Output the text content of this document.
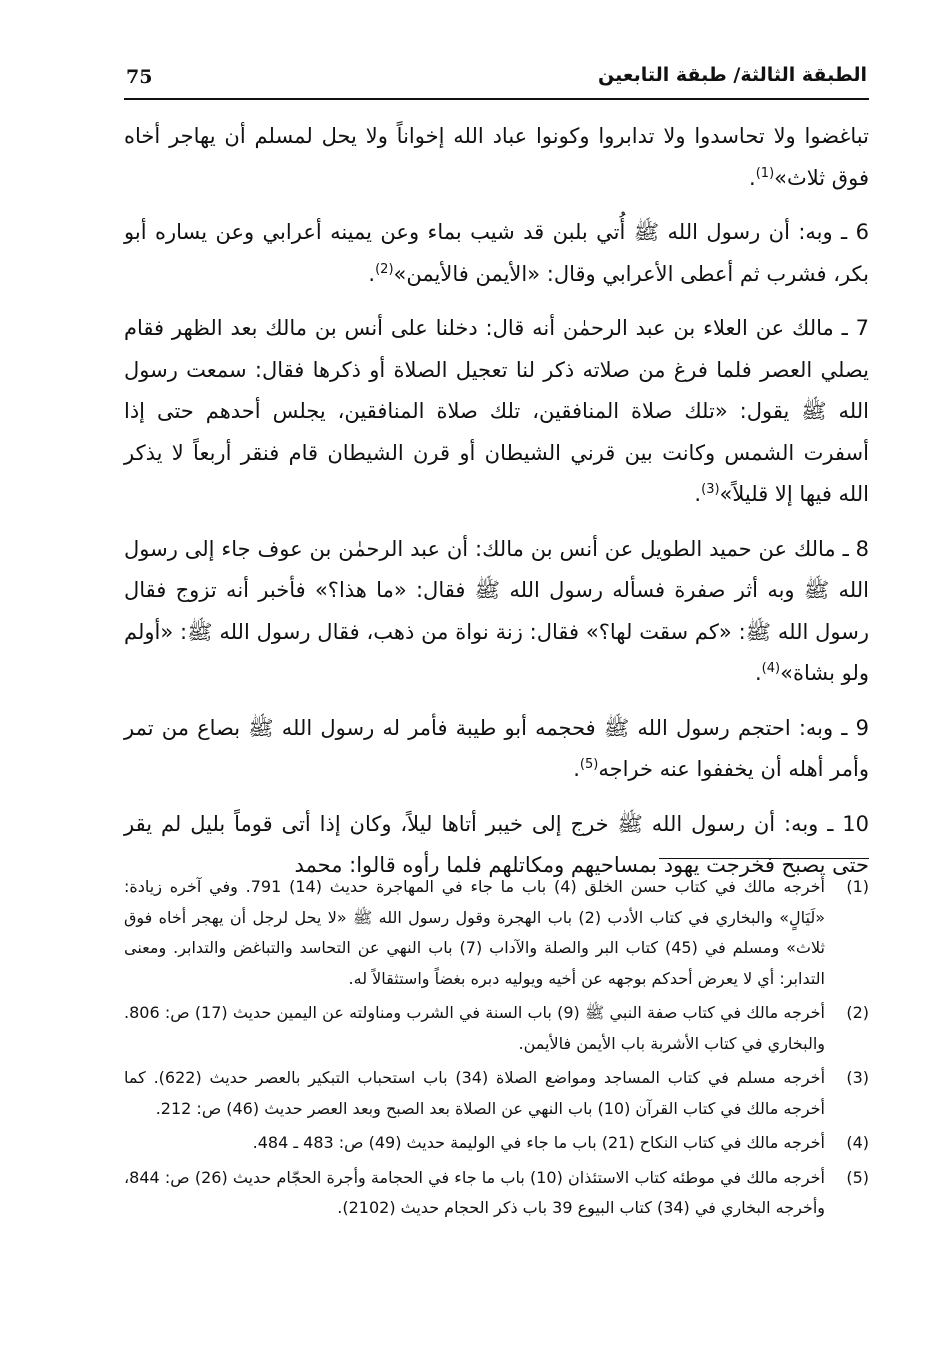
75	الطبقة الثالثة/ طبقة التابعين

تباغضوا ولا تحاسدوا ولا تدابروا وكونوا عباد الله إخواناً ولا يحل لمسلم أن يهاجر أخاه فوق ثلاث»$^{(1)}$.

6 ـ وبه: أن رسول الله ﷺ أُتي بلبن قد شيب بماء وعن يمينه أعرابي وعن يساره أبو بكر، فشرب ثم أعطى الأعرابي وقال: «الأيمن فالأيمن»$^{(2)}$.

7 ـ مالك عن العلاء بن عبد الرحمٰن أنه قال: دخلنا على أنس بن مالك بعد الظهر فقام يصلي العصر فلما فرغ من صلاته ذكر لنا تعجيل الصلاة أو ذكرها فقال: سمعت رسول الله ﷺ يقول: «تلك صلاة المنافقين، تلك صلاة المنافقين، يجلس أحدهم حتى إذا أسفرت الشمس وكانت بين قرني الشيطان أو قرن الشيطان قام فنقر أربعاً لا يذكر الله فيها إلا قليلاً»$^{(3)}$.

8 ـ مالك عن حميد الطويل عن أنس بن مالك: أن عبد الرحمٰن بن عوف جاء إلى رسول الله ﷺ وبه أثر صفرة فسأله رسول الله ﷺ فقال: «ما هذا؟» فأخبر أنه تزوج فقال رسول الله ﷺ: «كم سقت لها؟» فقال: زنة نواة من ذهب، فقال رسول الله ﷺ: «أولم ولو بشاة»$^{(4)}$.

9 ـ وبه: احتجم رسول الله ﷺ فحجمه أبو طيبة فأمر له رسول الله ﷺ بصاع من تمر وأمر أهله أن يخففوا عنه خراجه$^{(5)}$.

10 ـ وبه: أن رسول الله ﷺ خرج إلى خيبر أتاها ليلاً، وكان إذا أتى قوماً بليل لم يقر حتى يصبح فخرجت يهود بمساحيهم ومكاتلهم فلما رأوه قالوا: محمد

(1)
أخرجه مالك في كتاب حسن الخلق (4) باب ما جاء في المهاجرة حديث (14) 791. وفي آخره زيادة: «لَيَالٍ» والبخاري في كتاب الأدب (2) باب الهجرة وقول رسول الله ﷺ «لا يحل لرجل أن يهجر أخاه فوق ثلاث» ومسلم في (45) كتاب البر والصلة والآداب (7) باب النهي عن التحاسد والتباغض والتدابر. ومعنى التدابر: أي لا يعرض أحدكم بوجهه عن أخيه ويوليه دبره بغضاً واستثقالاً له.
(2)
أخرجه مالك في كتاب صفة النبي ﷺ (9) باب السنة في الشرب ومناولته عن اليمين حديث (17) ص: 806. والبخاري في كتاب الأشربة باب الأيمن فالأيمن.
(3)
أخرجه مسلم في كتاب المساجد ومواضع الصلاة (34) باب استحباب التبكير بالعصر حديث (622). كما أخرجه مالك في كتاب القرآن (10) باب النهي عن الصلاة بعد الصبح وبعد العصر حديث (46) ص: 212.
(4)
أخرجه مالك في كتاب النكاح (21) باب ما جاء في الوليمة حديث (49) ص: 483 ـ 484.
(5)
أخرجه مالك في موطئه كتاب الاستئذان (10) باب ما جاء في الحجامة وأجرة الحجّام حديث (26) ص: 844، وأخرجه البخاري في (34) كتاب البيوع 39 باب ذكر الحجام حديث (2102).
